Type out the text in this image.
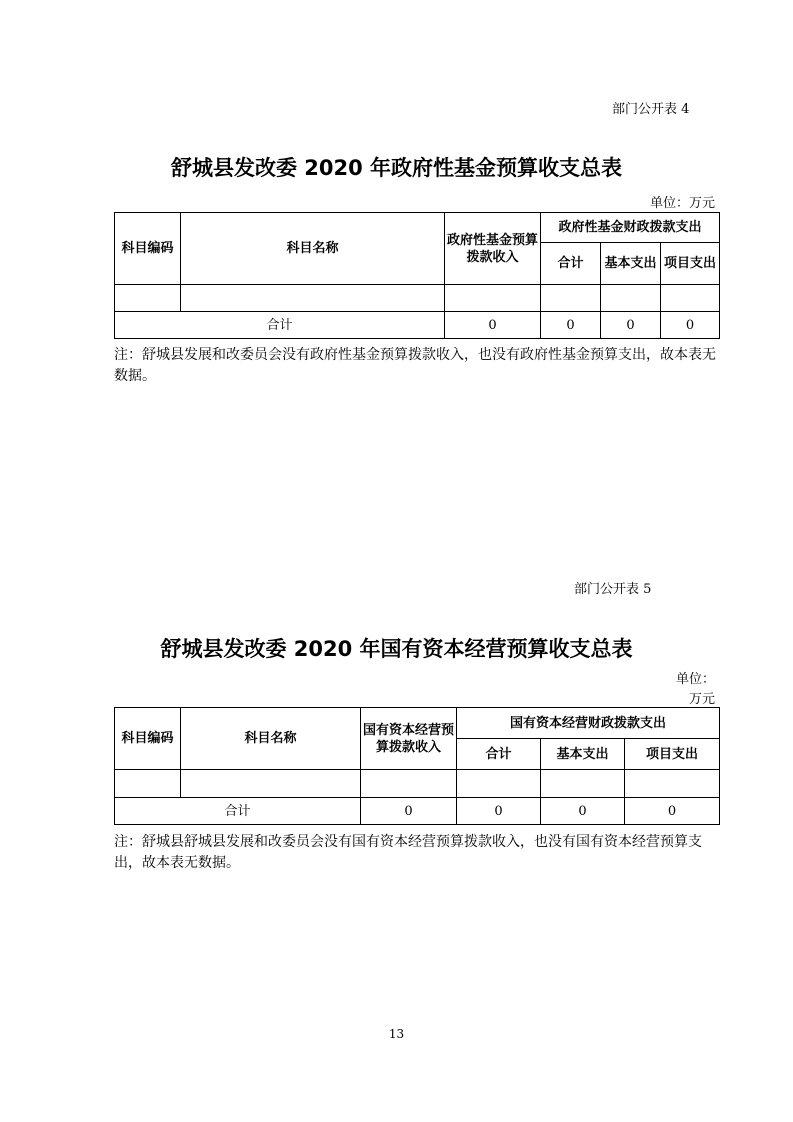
部门公开表 4
舒城县发改委 2020 年政府性基金预算收支总表
单位：万元
科目编码	科目名称	政府性基金预算拨款收入	政府性基金财政拨款支出		
			合计	基本支出	项目支出

合计		0	0	0	0
注：舒城县发展和改委员会没有政府性基金预算拨款收入，也没有政府性基金预算支出，故本表无数据。
部门公开表 5
舒城县发改委 2020 年国有资本经营预算收支总表
单位：
万元
科目编码	科目名称	国有资本经营预算拨款收入	国有资本经营财政拨款支出		
			合计	基本支出	项目支出

合计		0	0	0	0
注：舒城县舒城县发展和改委员会没有国有资本经营预算拨款收入，也没有国有资本经营预算支出，故本表无数据。
13
